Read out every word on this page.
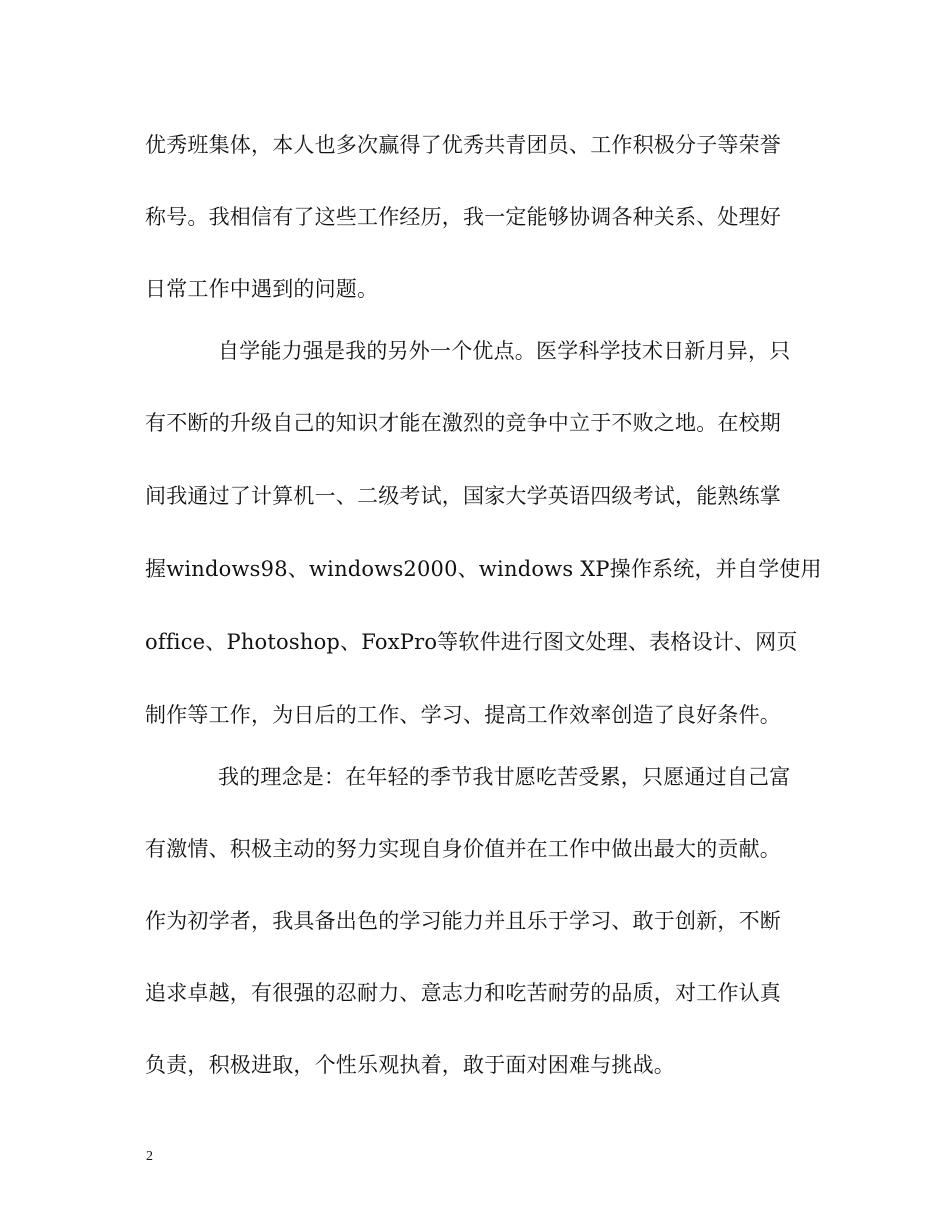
优秀班集体，本人也多次赢得了优秀共青团员、工作积极分子等荣誉
称号。我相信有了这些工作经历，我一定能够协调各种关系、处理好
日常工作中遇到的问题。
自学能力强是我的另外一个优点。医学科学技术日新月异，只
有不断的升级自己的知识才能在激烈的竞争中立于不败之地。在校期
间我通过了计算机一、二级考试，国家大学英语四级考试，能熟练掌
握windows98、windows2000、windows XP操作系统，并自学使用
office、Photoshop、FoxPro等软件进行图文处理、表格设计、网页
制作等工作，为日后的工作、学习、提高工作效率创造了良好条件。
我的理念是：在年轻的季节我甘愿吃苦受累，只愿通过自己富
有激情、积极主动的努力实现自身价值并在工作中做出最大的贡献。
作为初学者，我具备出色的学习能力并且乐于学习、敢于创新，不断
追求卓越，有很强的忍耐力、意志力和吃苦耐劳的品质，对工作认真
负责，积极进取，个性乐观执着，敢于面对困难与挑战。
2
